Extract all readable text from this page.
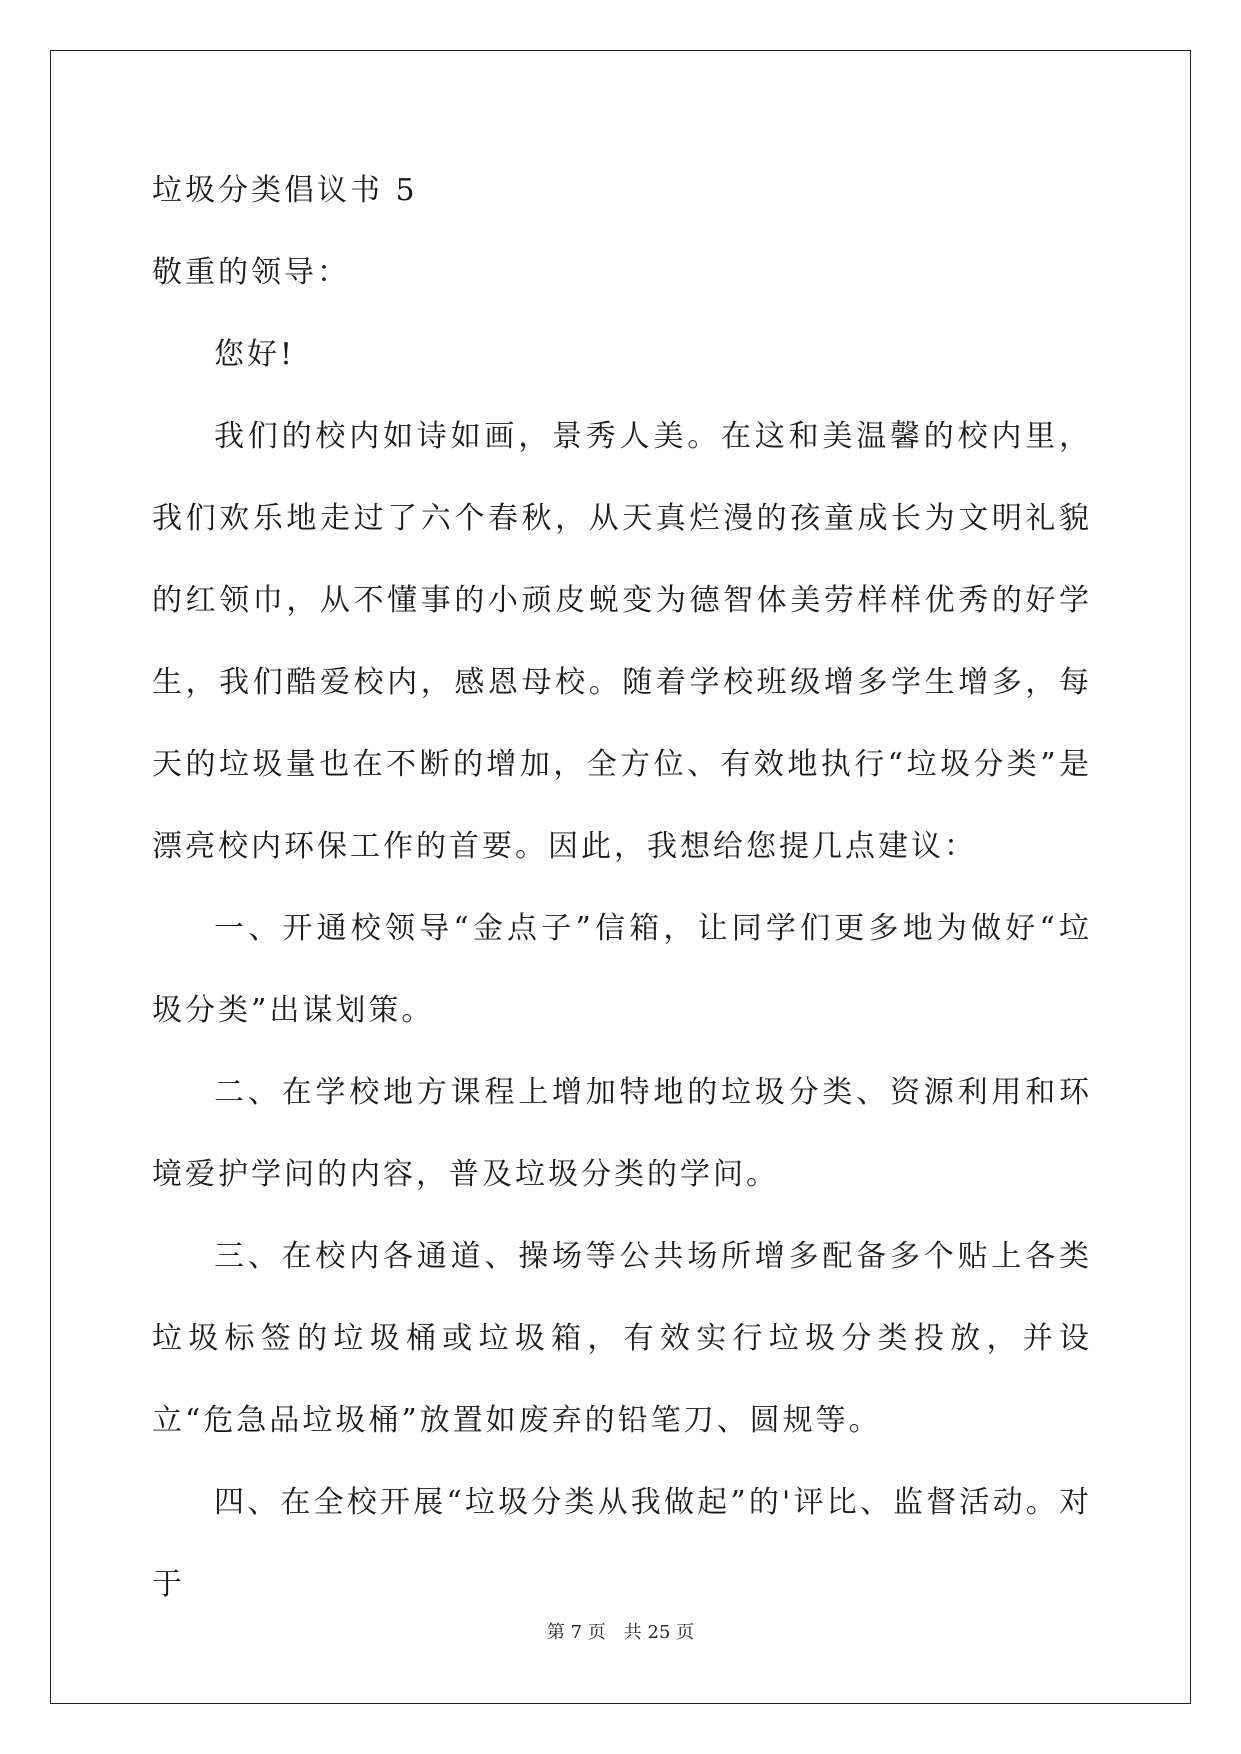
垃圾分类倡议书 5
敬重的领导：

您好!

我们的校内如诗如画，景秀人美。在这和美温馨的校内里，我们欢乐地走过了六个春秋，从天真烂漫的孩童成长为文明礼貌的红领巾，从不懂事的小顽皮蜕变为德智体美劳样样优秀的好学生，我们酷爱校内，感恩母校。随着学校班级增多学生增多，每天的垃圾量也在不断的增加，全方位、有效地执行“垃圾分类”是漂亮校内环保工作的首要。因此，我想给您提几点建议：

一、开通校领导“金点子”信箱，让同学们更多地为做好“垃圾分类”出谋划策。

二、在学校地方课程上增加特地的垃圾分类、资源利用和环境爱护学问的内容，普及垃圾分类的学问。

三、在校内各通道、操场等公共场所增多配备多个贴上各类垃圾标签的垃圾桶或垃圾箱，有效实行垃圾分类投放，并设立“危急品垃圾桶”放置如废弃的铅笔刀、圆规等。

四、在全校开展“垃圾分类从我做起”的'评比、监督活动。对于

第 7 页　共 25 页
